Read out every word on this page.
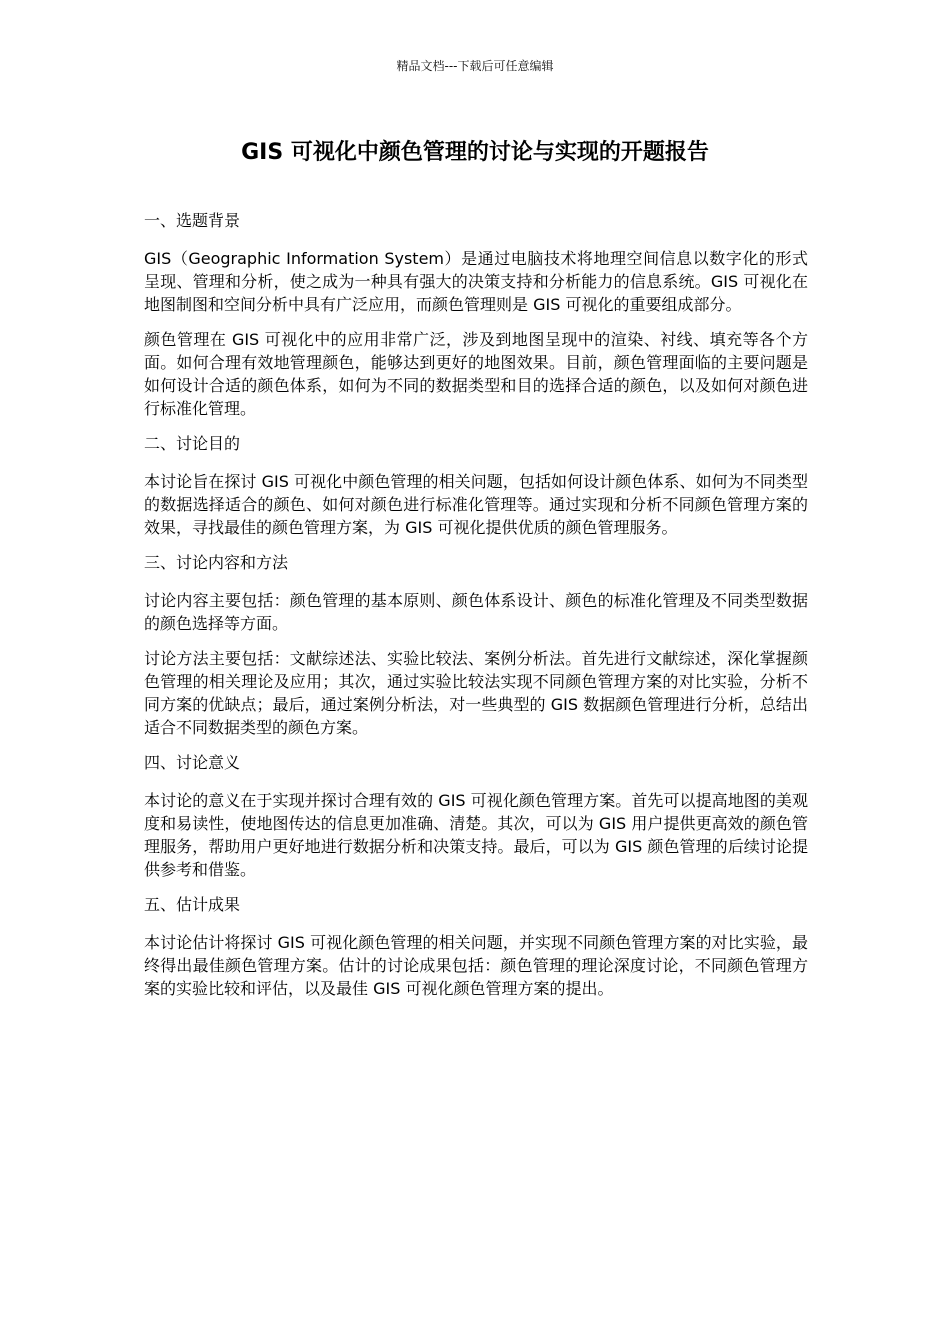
精品文档---下载后可任意编辑
GIS 可视化中颜色管理的讨论与实现的开题报告
一、选题背景

GIS（Geographic Information System）是通过电脑技术将地理空间信息以数字化的形式呈现、管理和分析，使之成为一种具有强大的决策支持和分析能力的信息系统。GIS 可视化在地图制图和空间分析中具有广泛应用，而颜色管理则是 GIS 可视化的重要组成部分。

颜色管理在 GIS 可视化中的应用非常广泛，涉及到地图呈现中的渲染、衬线、填充等各个方面。如何合理有效地管理颜色，能够达到更好的地图效果。目前，颜色管理面临的主要问题是如何设计合适的颜色体系，如何为不同的数据类型和目的选择合适的颜色，以及如何对颜色进行标准化管理。

二、讨论目的

本讨论旨在探讨 GIS 可视化中颜色管理的相关问题，包括如何设计颜色体系、如何为不同类型的数据选择适合的颜色、如何对颜色进行标准化管理等。通过实现和分析不同颜色管理方案的效果，寻找最佳的颜色管理方案，为 GIS 可视化提供优质的颜色管理服务。

三、讨论内容和方法

讨论内容主要包括：颜色管理的基本原则、颜色体系设计、颜色的标准化管理及不同类型数据的颜色选择等方面。

讨论方法主要包括：文献综述法、实验比较法、案例分析法。首先进行文献综述，深化掌握颜色管理的相关理论及应用；其次，通过实验比较法实现不同颜色管理方案的对比实验，分析不同方案的优缺点；最后，通过案例分析法，对一些典型的 GIS 数据颜色管理进行分析，总结出适合不同数据类型的颜色方案。

四、讨论意义

本讨论的意义在于实现并探讨合理有效的 GIS 可视化颜色管理方案。首先可以提高地图的美观度和易读性，使地图传达的信息更加准确、清楚。其次，可以为 GIS 用户提供更高效的颜色管理服务，帮助用户更好地进行数据分析和决策支持。最后，可以为 GIS 颜色管理的后续讨论提供参考和借鉴。

五、估计成果

本讨论估计将探讨 GIS 可视化颜色管理的相关问题，并实现不同颜色管理方案的对比实验，最终得出最佳颜色管理方案。估计的讨论成果包括：颜色管理的理论深度讨论，不同颜色管理方案的实验比较和评估，以及最佳 GIS 可视化颜色管理方案的提出。
